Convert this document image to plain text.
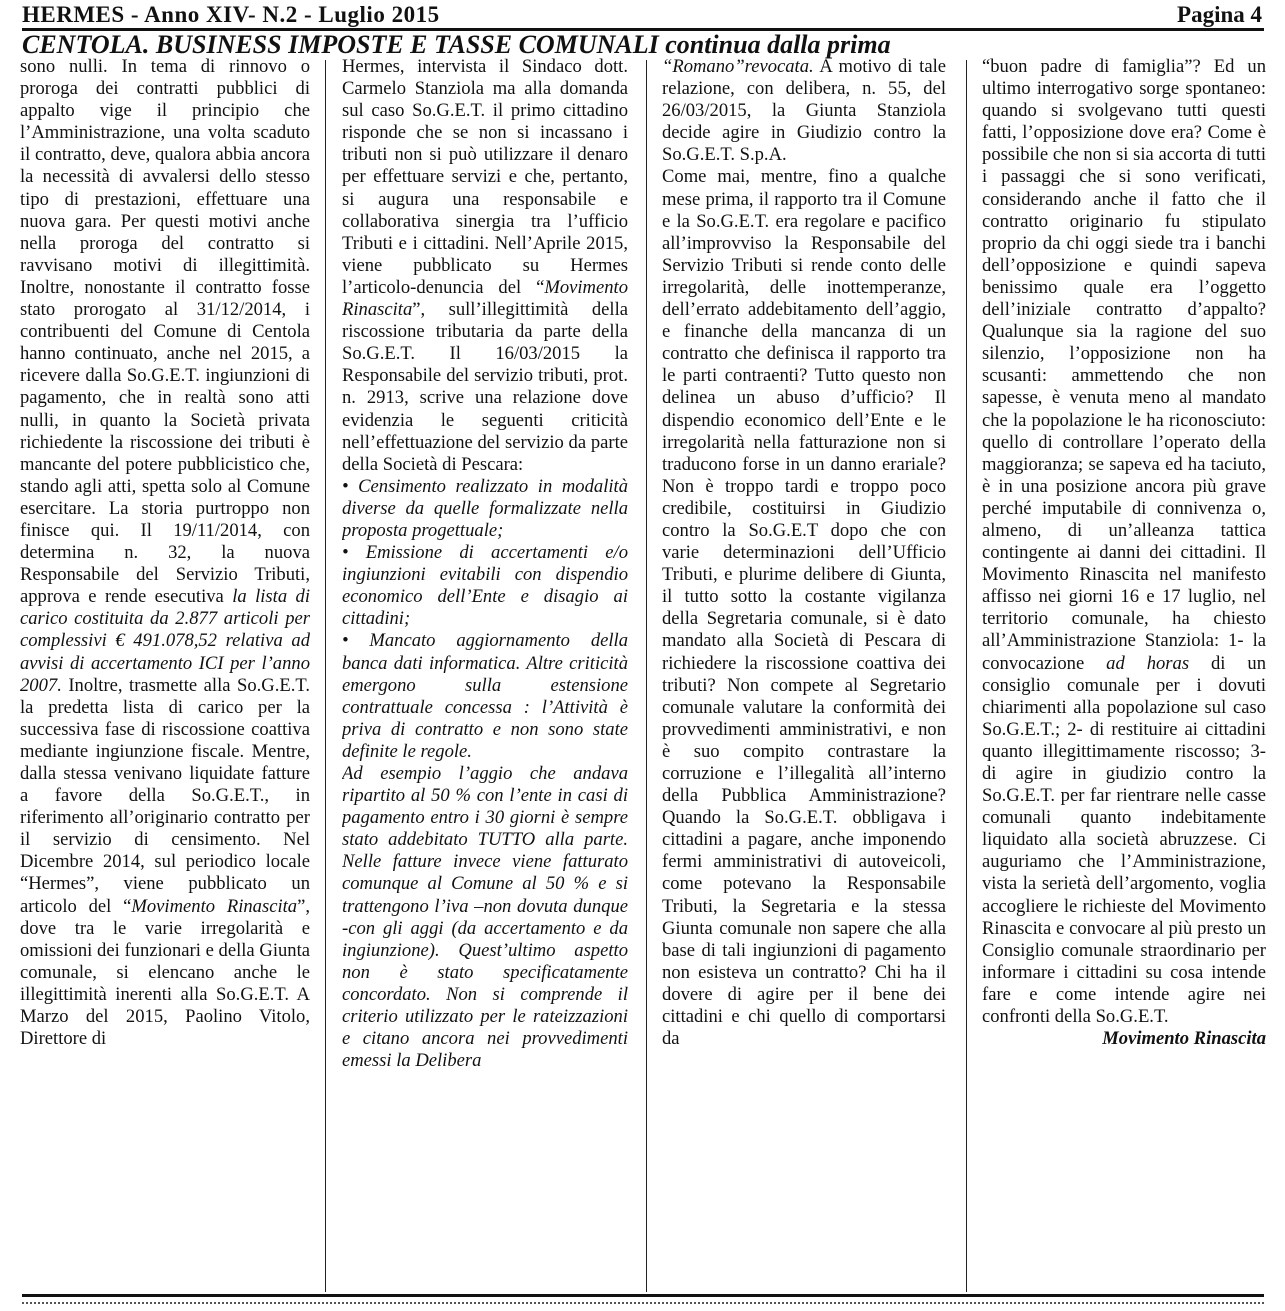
HERMES - Anno XIV- N.2 - Luglio 2015	Pagina 4
CENTOLA. BUSINESS IMPOSTE E TASSE COMUNALI continua dalla prima

sono nulli. In tema di rinnovo o proroga dei contratti pubblici di appalto vige il principio che l’Amministrazione, una volta scaduto il contratto, deve, qualora abbia ancora la necessità di avvalersi dello stesso tipo di prestazioni, effettuare una nuova gara. Per questi motivi anche nella proroga del contratto si ravvisano motivi di illegittimità. Inoltre, nonostante il contratto fosse stato prorogato al 31/12/2014, i contribuenti del Comune di Centola hanno continuato, anche nel 2015, a ricevere dalla So.G.E.T. ingiunzioni di pagamento, che in realtà sono atti nulli, in quanto la Società privata richiedente la riscossione dei tributi è mancante del potere pubblicistico che, stando agli atti, spetta solo al Comune esercitare. La storia purtroppo non finisce qui. Il 19/11/2014, con determina n. 32, la nuova Responsabile del Servizio Tributi, approva e rende esecutiva la lista di carico costituita da 2.877 articoli per complessivi € 491.078,52 relativa ad avvisi di accertamento ICI per l’anno 2007. Inoltre, trasmette alla So.G.E.T. la predetta lista di carico per la successiva fase di riscossione coattiva mediante ingiunzione fiscale. Mentre, dalla stessa venivano liquidate fatture a favore della So.G.E.T., in riferimento all’originario contratto per il servizio di censimento. Nel Dicembre 2014, sul periodico locale “Hermes”, viene pubblicato un articolo del “Movimento Rinascita”, dove tra le varie irregolarità e omissioni dei funzionari e della Giunta comunale, si elencano anche le illegittimità inerenti alla So.G.E.T. A Marzo del 2015, Paolino Vitolo, Direttore di

Hermes, intervista il Sindaco dott. Carmelo Stanziola ma alla domanda sul caso So.G.E.T. il primo cittadino risponde che se non si incassano i tributi non si può utilizzare il denaro per effettuare servizi e che, pertanto, si augura una responsabile e collaborativa sinergia tra l’ufficio Tributi e i cittadini. Nell’Aprile 2015, viene pubblicato su Hermes l’articolo-denuncia del “Movimento Rinascita”, sull’illegittimità della riscossione tributaria da parte della So.G.E.T. Il 16/03/2015 la Responsabile del servizio tributi, prot. n. 2913, scrive una relazione dove evidenzia le seguenti criticità nell’effettuazione del servizio da parte della Società di Pescara:

• Censimento realizzato in modalità diverse da quelle formalizzate nella proposta progettuale;

• Emissione di accertamenti e/o ingiunzioni evitabili con dispendio economico dell’Ente e disagio ai cittadini;

• Mancato aggiornamento della banca dati informatica. Altre criticità emergono sulla estensione contrattuale concessa : l’Attività è priva di contratto e non sono state definite le regole.

Ad esempio l’aggio che andava ripartito al 50 % con l’ente in casi di pagamento entro i 30 giorni è sempre stato addebitato TUTTO alla parte. Nelle fatture invece viene fatturato comunque al Comune al 50 % e si trattengono l’iva –non dovuta dunque -con gli aggi (da accertamento e da ingiunzione). Quest’ultimo aspetto non è stato specificatamente concordato. Non si comprende il criterio utilizzato per le rateizzazioni e citano ancora nei provvedimenti emessi la Delibera

“Romano”revocata. A motivo di tale relazione, con delibera, n. 55, del 26/03/2015, la Giunta Stanziola decide agire in Giudizio contro la So.G.E.T. S.p.A.

Come mai, mentre, fino a qualche mese prima, il rapporto tra il Comune e la So.G.E.T. era regolare e pacifico all’improvviso la Responsabile del Servizio Tributi si rende conto delle irregolarità, delle inottemperanze, dell’errato addebitamento dell’aggio, e finanche della mancanza di un contratto che definisca il rapporto tra le parti contraenti? Tutto questo non delinea un abuso d’ufficio? Il dispendio economico dell’Ente e le irregolarità nella fatturazione non si traducono forse in un danno erariale? Non è troppo tardi e troppo poco credibile, costituirsi in Giudizio contro la So.G.E.T dopo che con varie determinazioni dell’Ufficio Tributi, e plurime delibere di Giunta, il tutto sotto la costante vigilanza della Segretaria comunale, si è dato mandato alla Società di Pescara di richiedere la riscossione coattiva dei tributi? Non compete al Segretario comunale valutare la conformità dei provvedimenti amministrativi, e non è suo compito contrastare la corruzione e l’illegalità all’interno della Pubblica Amministrazione? Quando la So.G.E.T. obbligava i cittadini a pagare, anche imponendo fermi amministrativi di autoveicoli, come potevano la Responsabile Tributi, la Segretaria e la stessa Giunta comunale non sapere che alla base di tali ingiunzioni di pagamento non esisteva un contratto? Chi ha il dovere di agire per il bene dei cittadini e chi quello di comportarsi da

“buon padre di famiglia”? Ed un ultimo interrogativo sorge spontaneo: quando si svolgevano tutti questi fatti, l’opposizione dove era? Come è possibile che non si sia accorta di tutti i passaggi che si sono verificati, considerando anche il fatto che il contratto originario fu stipulato proprio da chi oggi siede tra i banchi dell’opposizione e quindi sapeva benissimo quale era l’oggetto dell’iniziale contratto d’appalto? Qualunque sia la ragione del suo silenzio, l’opposizione non ha scusanti: ammettendo che non sapesse, è venuta meno al mandato che la popolazione le ha riconosciuto: quello di controllare l’operato della maggioranza; se sapeva ed ha taciuto, è in una posizione ancora più grave perché imputabile di connivenza o, almeno, di un’alleanza tattica contingente ai danni dei cittadini. Il Movimento Rinascita nel manifesto affisso nei giorni 16 e 17 luglio, nel territorio comunale, ha chiesto all’Amministrazione Stanziola: 1- la convocazione ad horas di un consiglio comunale per i dovuti chiarimenti alla popolazione sul caso So.G.E.T.; 2- di restituire ai cittadini quanto illegittimamente riscosso; 3- di agire in giudizio contro la So.G.E.T. per far rientrare nelle casse comunali quanto indebitamente liquidato alla società abruzzese. Ci auguriamo che l’Amministrazione, vista la serietà dell’argomento, voglia accogliere le richieste del Movimento Rinascita e convocare al più presto un Consiglio comunale straordinario per informare i cittadini su cosa intende fare e come intende agire nei confronti della So.G.E.T.

Movimento Rinascita
